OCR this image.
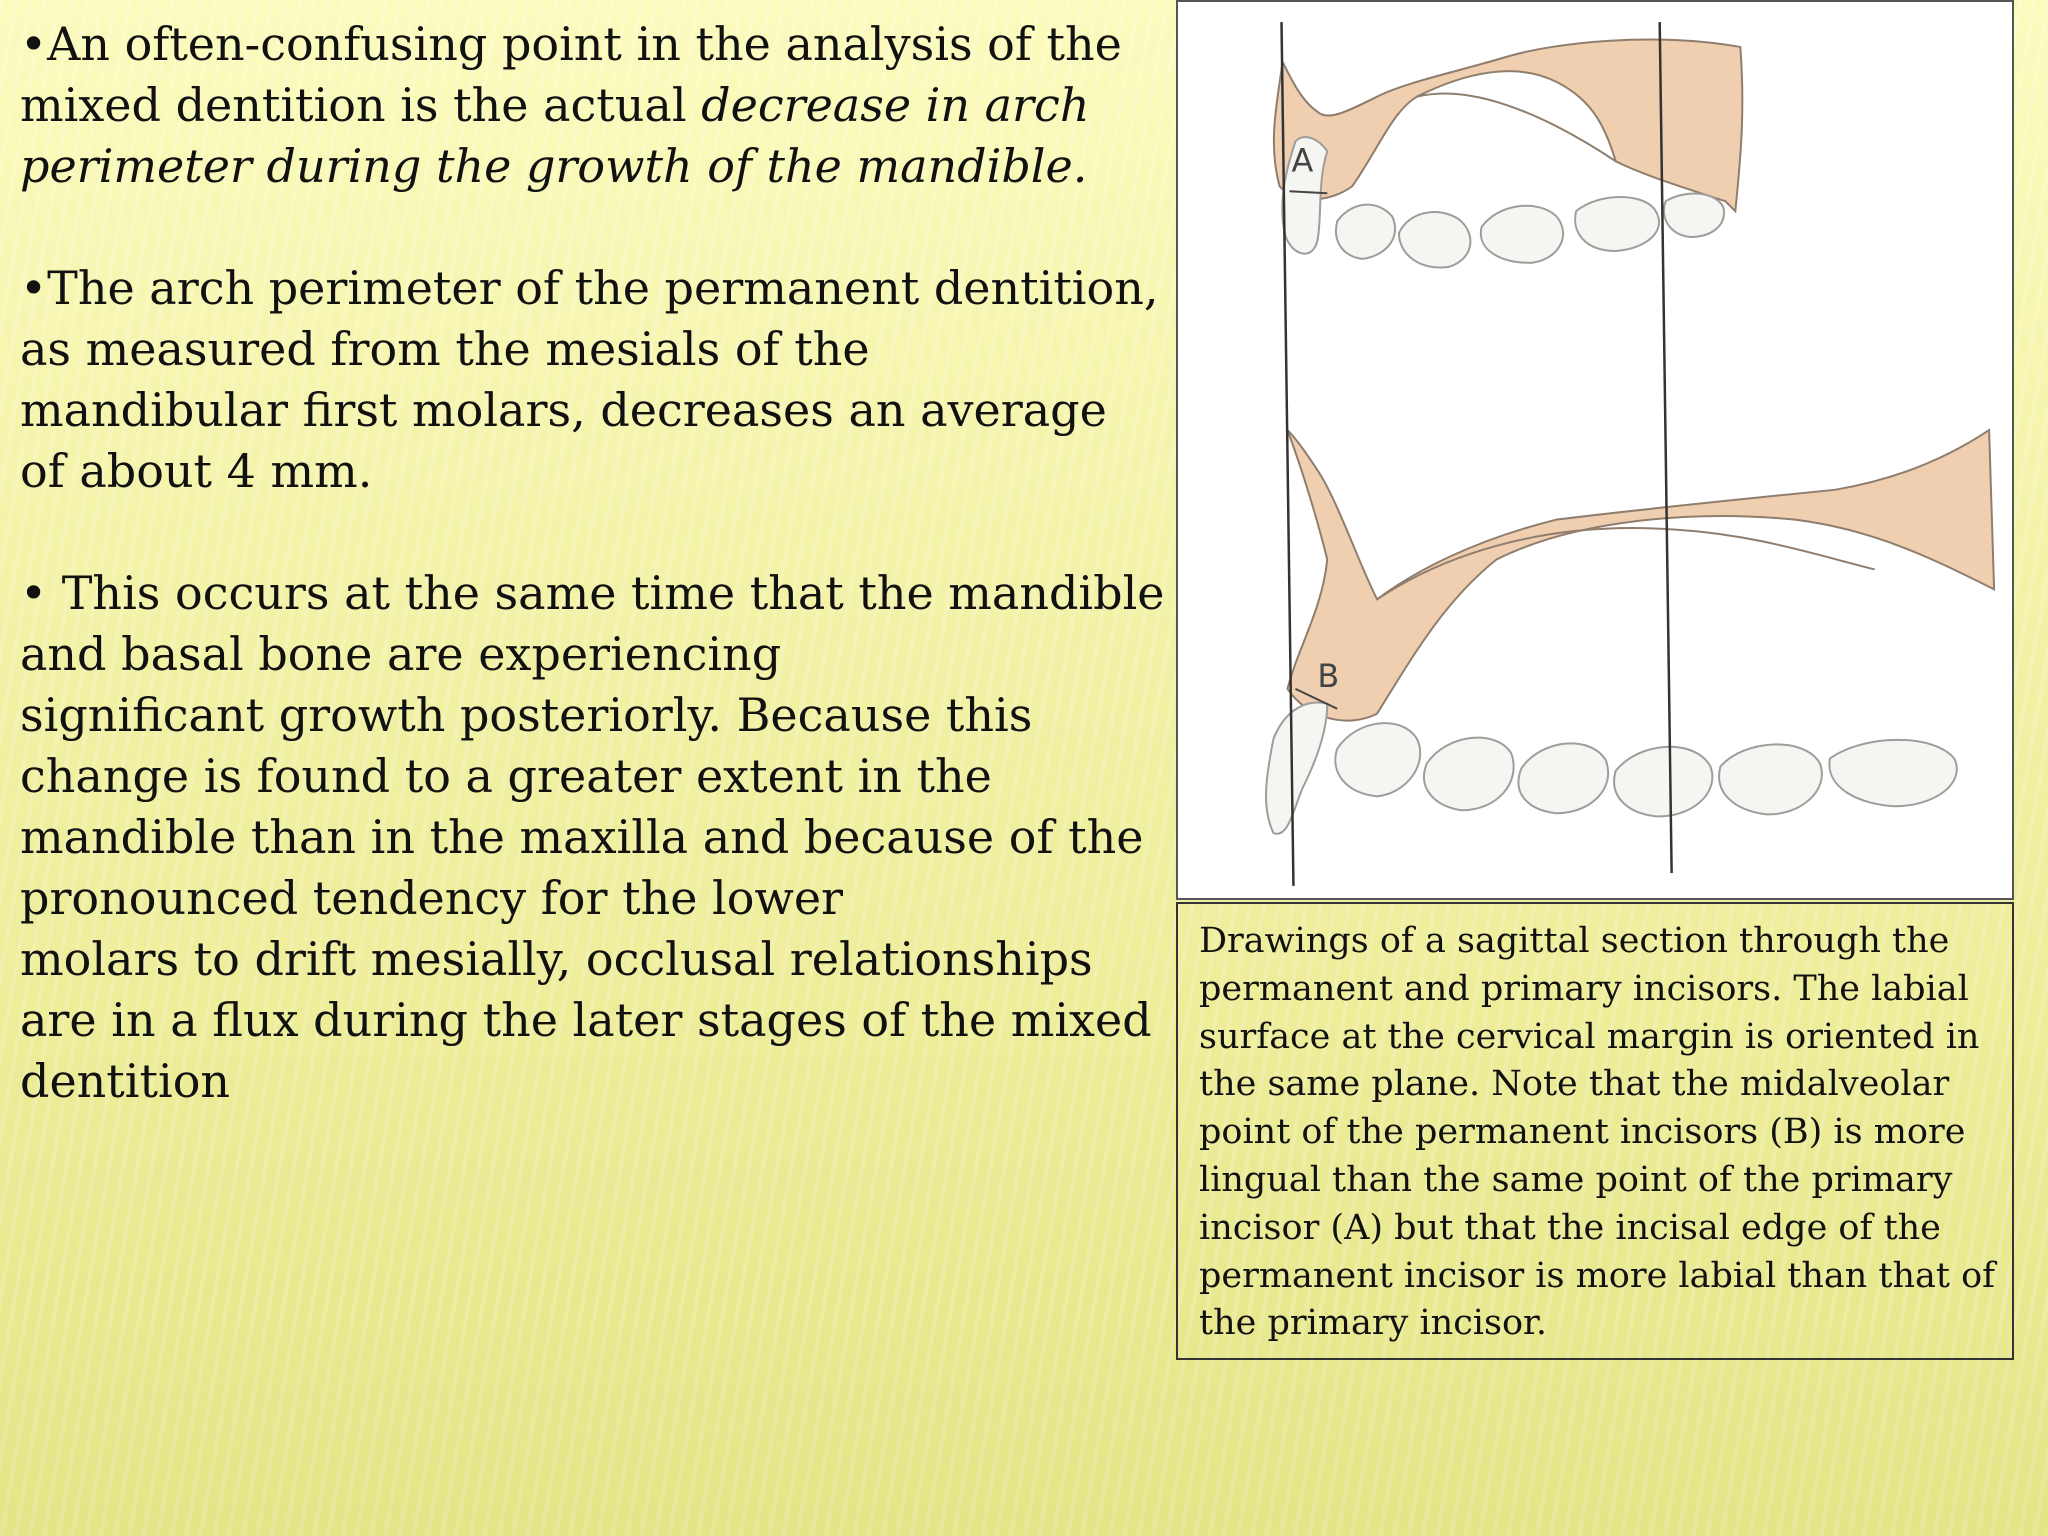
•An often-confusing point in the analysis of the
mixed dentition is the actual decrease in arch
perimeter during the growth of the mandible.
•The arch perimeter of the permanent dentition,
as measured from the mesials of the
mandibular first molars, decreases an average
of about 4 mm.
• This occurs at the same time that the mandible
and basal bone are experiencing
significant growth posteriorly. Because this
change is found to a greater extent in the
mandible than in the maxilla and because of the
pronounced tendency for the lower
molars to drift mesially, occlusal relationships
are in a flux during the later stages of the mixed
dentition
A
B
Drawings of a sagittal section through the
permanent and primary incisors. The labial
surface at the cervical margin is oriented in
the same plane. Note that the midalveolar
point of the permanent incisors (B) is more
lingual than the same point of the primary
incisor (A) but that the incisal edge of the
permanent incisor is more labial than that of
the primary incisor.
